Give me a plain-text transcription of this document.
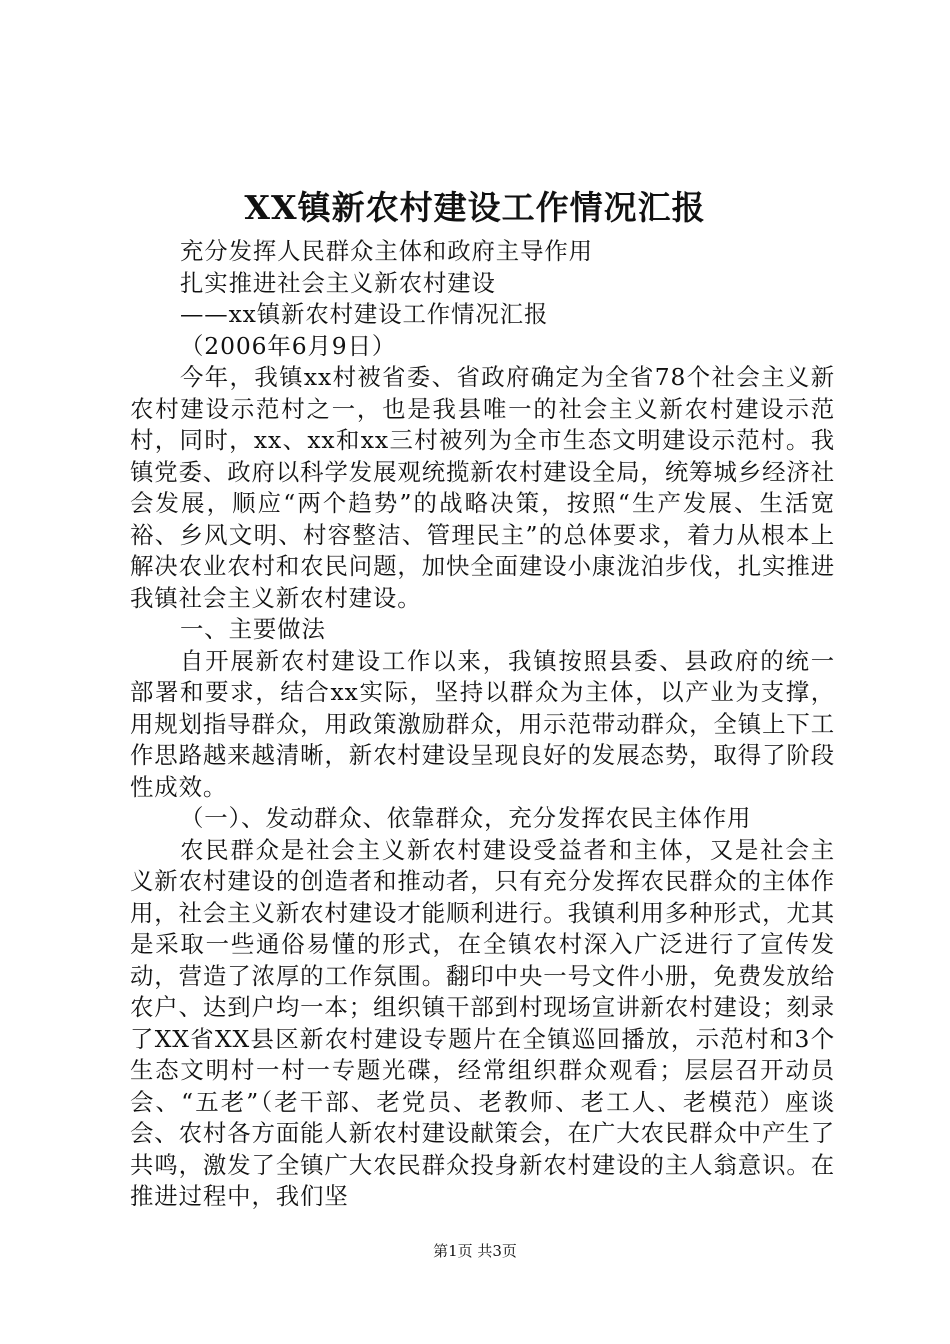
XX镇新农村建设工作情况汇报

充分发挥人民群众主体和政府主导作用

扎实推进社会主义新农村建设

——xx镇新农村建设工作情况汇报

（2006年6月9日）

今年，我镇xx村被省委、省政府确定为全省78个社会主义新农村建设示范村之一，也是我县唯一的社会主义新农村建设示范村，同时，xx、xx和xx三村被列为全市生态文明建设示范村。我镇党委、政府以科学发展观统揽新农村建设全局，统筹城乡经济社会发展，顺应“两个趋势”的战略决策，按照“生产发展、生活宽裕、乡风文明、村容整洁、管理民主”的总体要求，着力从根本上解决农业农村和农民问题，加快全面建设小康泷泊步伐，扎实推进我镇社会主义新农村建设。

一、主要做法

自开展新农村建设工作以来，我镇按照县委、县政府的统一部署和要求，结合xx实际，坚持以群众为主体，以产业为支撑，用规划指导群众，用政策激励群众，用示范带动群众，全镇上下工作思路越来越清晰，新农村建设呈现良好的发展态势，取得了阶段性成效。

（一）、发动群众、依靠群众，充分发挥农民主体作用

农民群众是社会主义新农村建设受益者和主体，又是社会主义新农村建设的创造者和推动者，只有充分发挥农民群众的主体作用，社会主义新农村建设才能顺利进行。我镇利用多种形式，尤其是采取一些通俗易懂的形式，在全镇农村深入广泛进行了宣传发动，营造了浓厚的工作氛围。翻印中央一号文件小册，免费发放给农户、达到户均一本；组织镇干部到村现场宣讲新农村建设；刻录了XX省XX县区新农村建设专题片在全镇巡回播放，示范村和3个生态文明村一村一专题光碟，经常组织群众观看；层层召开动员会、“五老”（老干部、老党员、老教师、老工人、老模范）座谈会、农村各方面能人新农村建设献策会，在广大农民群众中产生了共鸣，激发了全镇广大农民群众投身新农村建设的主人翁意识。在推进过程中，我们坚

第1页 共3页
